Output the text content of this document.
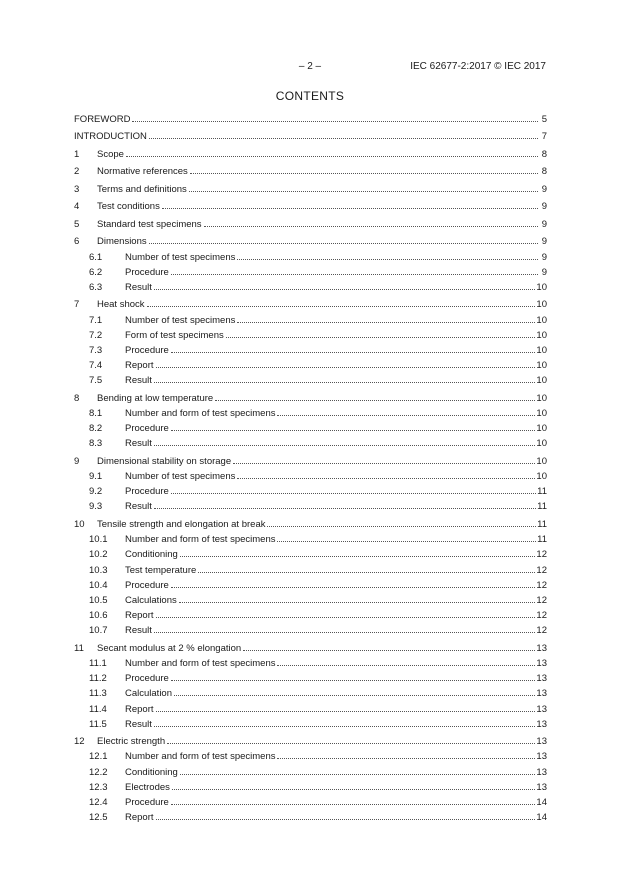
– 2 –	IEC 62677-2:2017 © IEC 2017
CONTENTS
FOREWORD	5
INTRODUCTION	7
1	Scope	8
2	Normative references	8
3	Terms and definitions	9
4	Test conditions	9
5	Standard test specimens	9
6	Dimensions	9
6.1	Number of test specimens	9
6.2	Procedure	9
6.3	Result	10
7	Heat shock	10
7.1	Number of test specimens	10
7.2	Form of test specimens	10
7.3	Procedure	10
7.4	Report	10
7.5	Result	10
8	Bending at low temperature	10
8.1	Number and form of test specimens	10
8.2	Procedure	10
8.3	Result	10
9	Dimensional stability on storage	10
9.1	Number of test specimens	10
9.2	Procedure	11
9.3	Result	11
10	Tensile strength and elongation at break	11
10.1	Number and form of test specimens	11
10.2	Conditioning	12
10.3	Test temperature	12
10.4	Procedure	12
10.5	Calculations	12
10.6	Report	12
10.7	Result	12
11	Secant modulus at 2 % elongation	13
11.1	Number and form of test specimens	13
11.2	Procedure	13
11.3	Calculation	13
11.4	Report	13
11.5	Result	13
12	Electric strength	13
12.1	Number and form of test specimens	13
12.2	Conditioning	13
12.3	Electrodes	13
12.4	Procedure	14
12.5	Report	14
